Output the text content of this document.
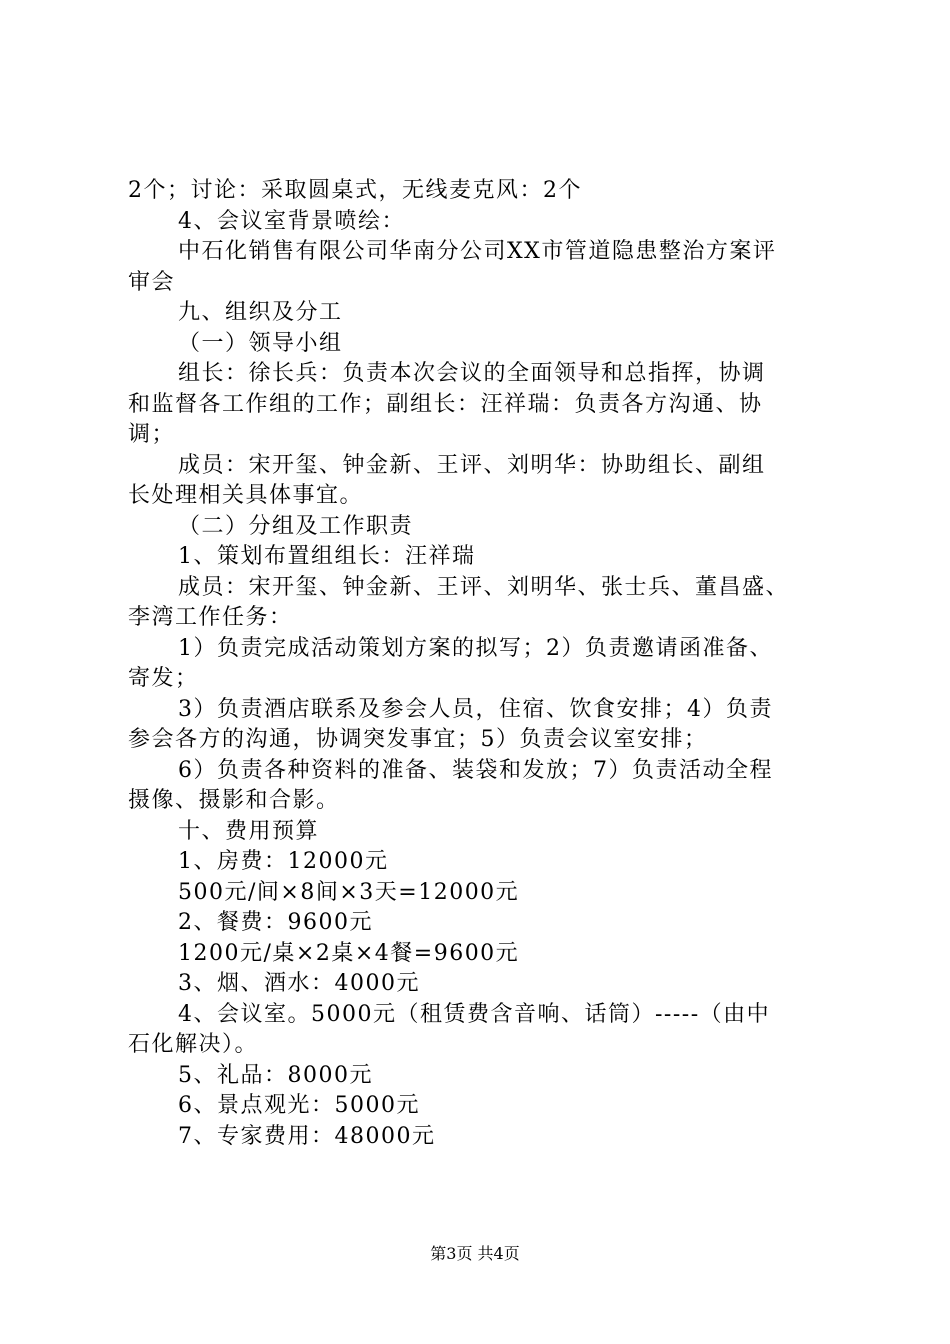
2个；讨论：采取圆桌式，无线麦克风：2个
4、会议室背景喷绘：
中石化销售有限公司华南分公司XX市管道隐患整治方案评
审会
九、组织及分工
（一）领导小组
组长：徐长兵：负责本次会议的全面领导和总指挥，协调
和监督各工作组的工作；副组长：汪祥瑞：负责各方沟通、协
调；
成员：宋开玺、钟金新、王评、刘明华：协助组长、副组
长处理相关具体事宜。
（二）分组及工作职责
1、策划布置组组长：汪祥瑞
成员：宋开玺、钟金新、王评、刘明华、张士兵、董昌盛、
李湾工作任务：
1）负责完成活动策划方案的拟写；2）负责邀请函准备、
寄发；
3）负责酒店联系及参会人员，住宿、饮食安排；4）负责
参会各方的沟通，协调突发事宜；5）负责会议室安排；
6）负责各种资料的准备、装袋和发放；7）负责活动全程
摄像、摄影和合影。
十、费用预算
1、房费：12000元
500元/间×8间×3天=12000元
2、餐费：9600元
1200元/桌×2桌×4餐=9600元
3、烟、酒水：4000元
4、会议室。5000元（租赁费含音响、话筒）-----（由中
石化解决）。
5、礼品：8000元
6、景点观光：5000元
7、专家费用：48000元
第3页 共4页
